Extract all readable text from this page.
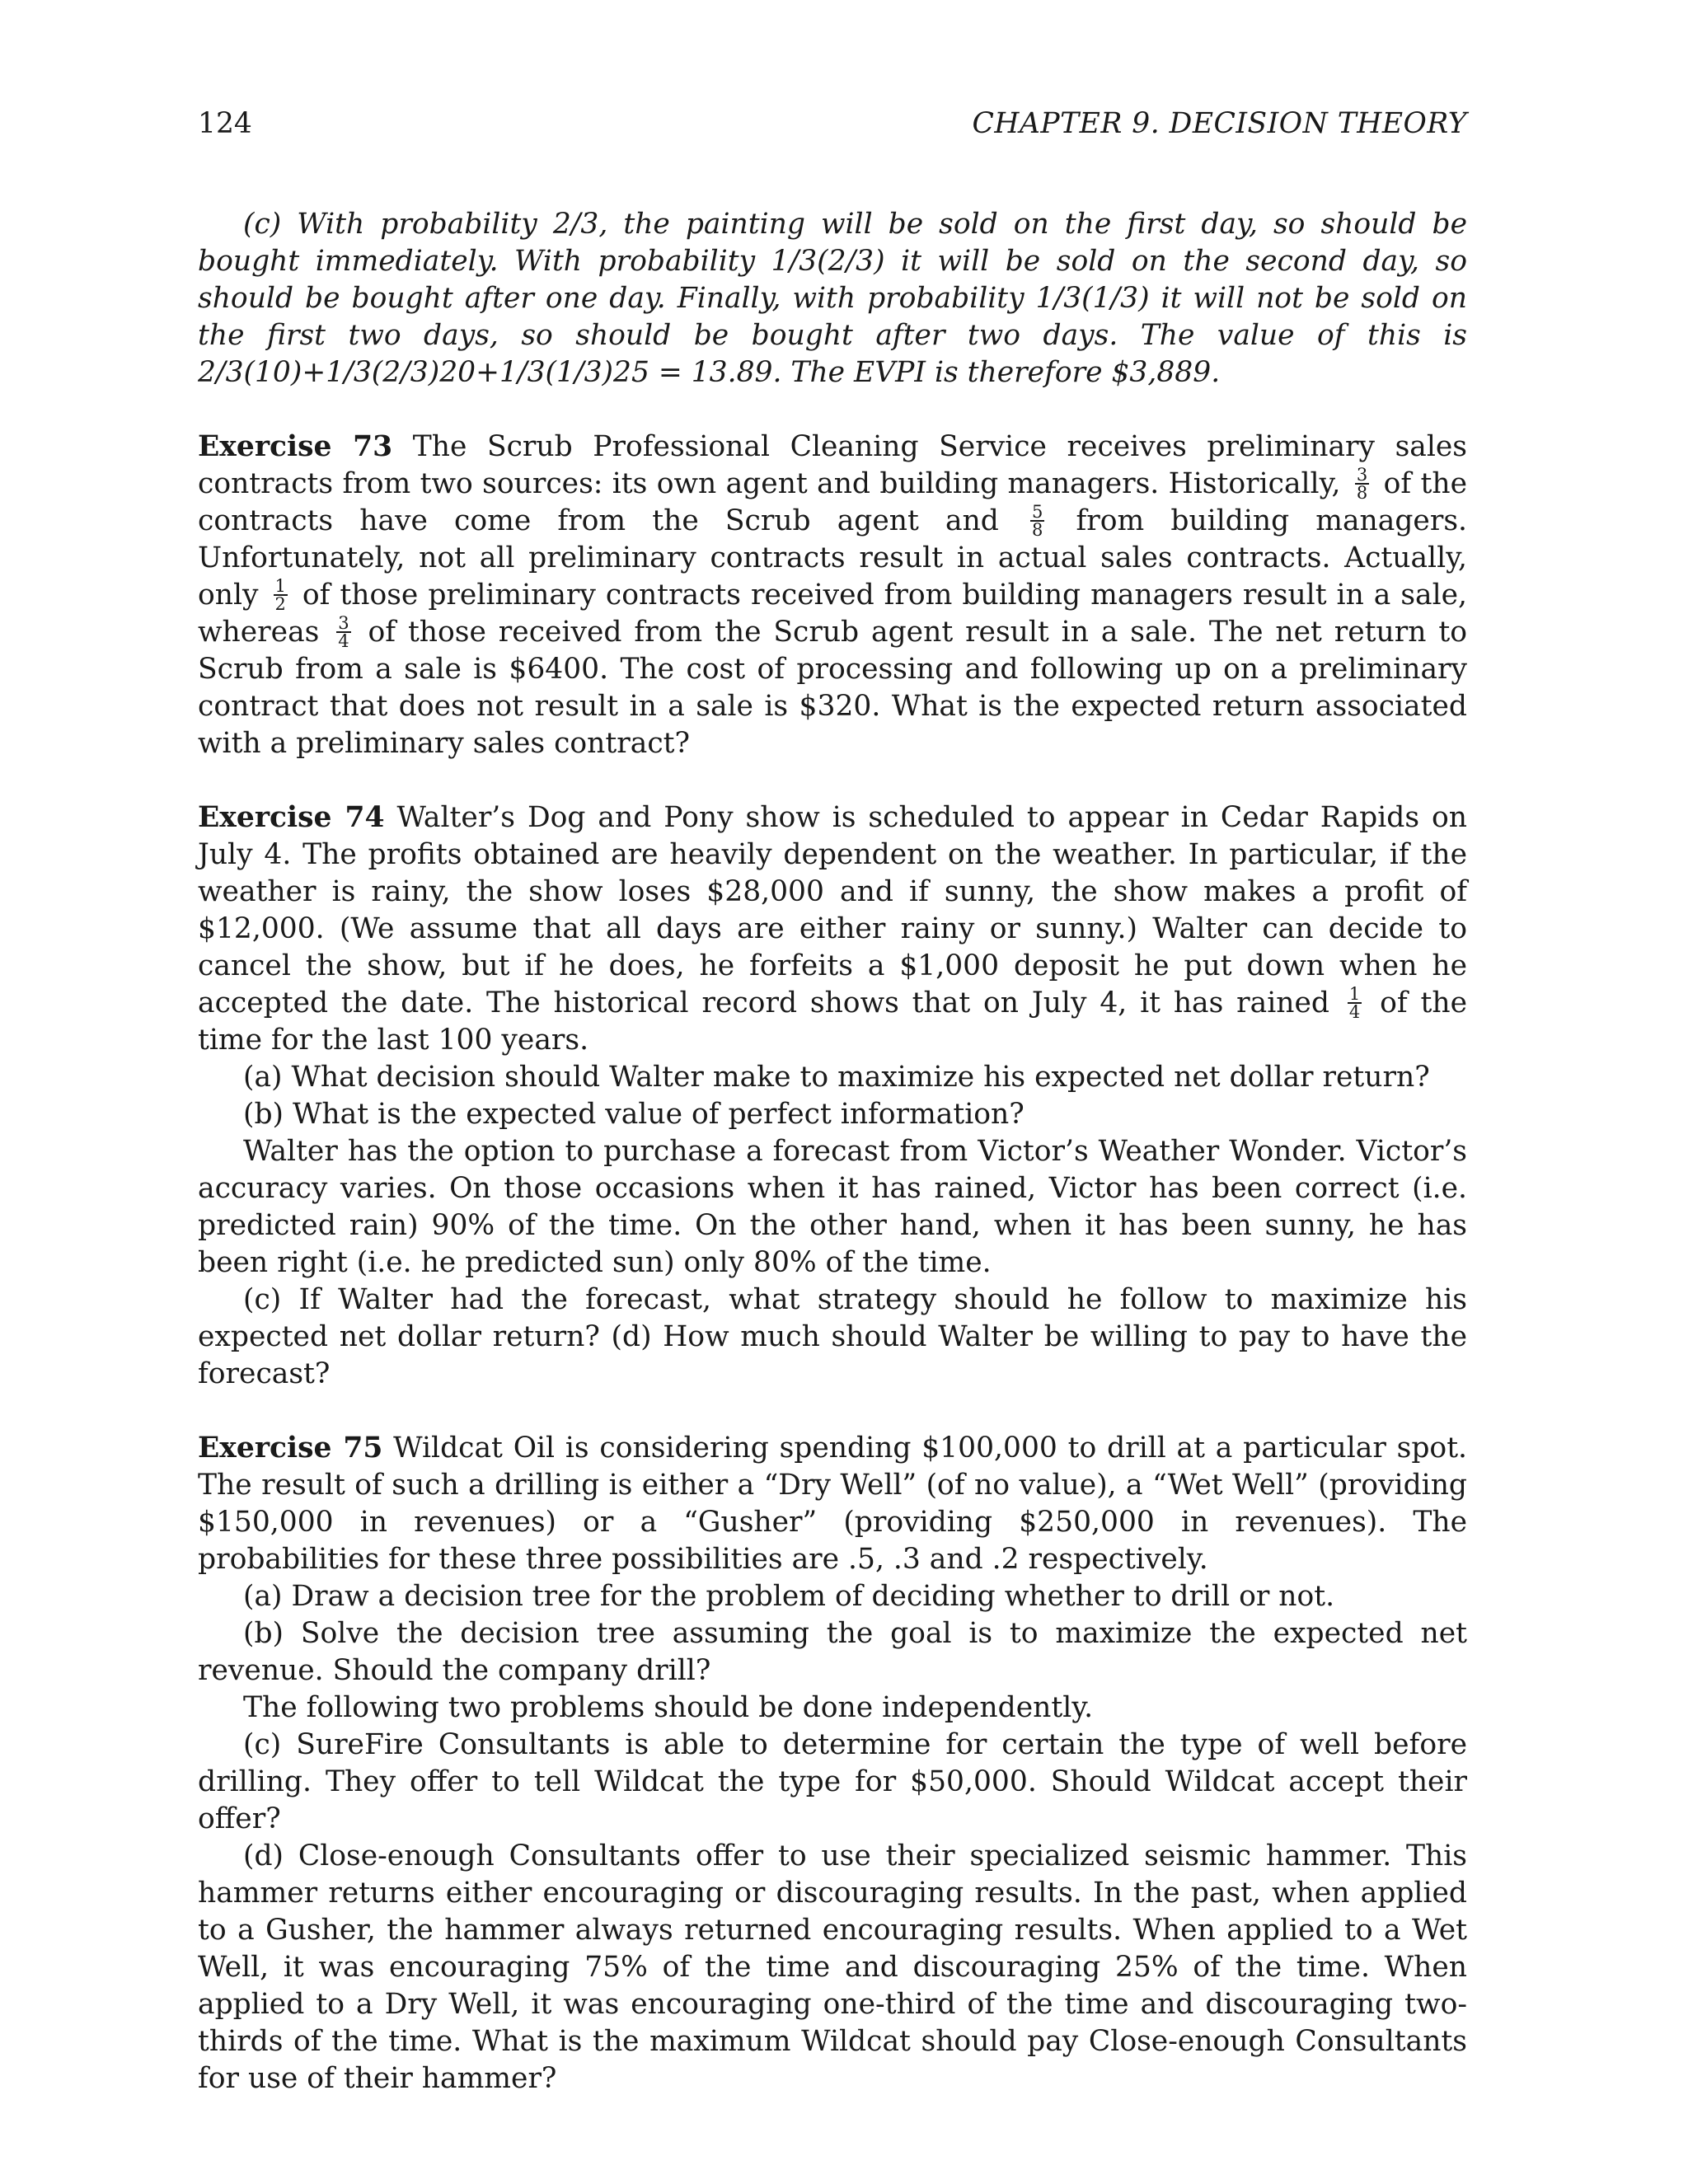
124	CHAPTER 9. DECISION THEORY

(c) With probability 2/3, the painting will be sold on the first day, so should be bought immediately. With probability 1/3(2/3) it will be sold on the second day, so should be bought after one day. Finally, with probability 1/3(1/3) it will not be sold on the first two days, so should be bought after two days. The value of this is 2/3(10)+1/3(2/3)20+1/3(1/3)25 = 13.89. The EVPI is therefore $3,889.

Exercise 73 The Scrub Professional Cleaning Service receives preliminary sales contracts from two sources: its own agent and building managers. Historically, $\frac{3}{8}$ of the contracts have come from the Scrub agent and $\frac{5}{8}$ from building managers. Unfortunately, not all preliminary contracts result in actual sales contracts. Actually, only $\frac{1}{2}$ of those preliminary contracts received from building managers result in a sale, whereas $\frac{3}{4}$ of those received from the Scrub agent result in a sale. The net return to Scrub from a sale is $6400. The cost of processing and following up on a preliminary contract that does not result in a sale is $320. What is the expected return associated with a preliminary sales contract?

Exercise 74 Walter’s Dog and Pony show is scheduled to appear in Cedar Rapids on July 4. The profits obtained are heavily dependent on the weather. In particular, if the weather is rainy, the show loses $28,000 and if sunny, the show makes a profit of $12,000. (We assume that all days are either rainy or sunny.) Walter can decide to cancel the show, but if he does, he forfeits a $1,000 deposit he put down when he accepted the date. The historical record shows that on July 4, it has rained $\frac{1}{4}$ of the time for the last 100 years.

(a) What decision should Walter make to maximize his expected net dollar return?

(b) What is the expected value of perfect information?

Walter has the option to purchase a forecast from Victor’s Weather Wonder. Victor’s accuracy varies. On those occasions when it has rained, Victor has been correct (i.e. predicted rain) 90% of the time. On the other hand, when it has been sunny, he has been right (i.e. he predicted sun) only 80% of the time.

(c) If Walter had the forecast, what strategy should he follow to maximize his expected net dollar return? (d) How much should Walter be willing to pay to have the forecast?

Exercise 75 Wildcat Oil is considering spending $100,000 to drill at a particular spot. The result of such a drilling is either a “Dry Well” (of no value), a “Wet Well” (providing $150,000 in revenues) or a “Gusher” (providing $250,000 in revenues). The probabilities for these three possibilities are .5, .3 and .2 respectively.

(a) Draw a decision tree for the problem of deciding whether to drill or not.

(b) Solve the decision tree assuming the goal is to maximize the expected net revenue. Should the company drill?

The following two problems should be done independently.

(c) SureFire Consultants is able to determine for certain the type of well before drilling. They offer to tell Wildcat the type for $50,000. Should Wildcat accept their offer?

(d) Close-enough Consultants offer to use their specialized seismic hammer. This hammer returns either encouraging or discouraging results. In the past, when applied to a Gusher, the hammer always returned encouraging results. When applied to a Wet Well, it was encouraging 75% of the time and discouraging 25% of the time. When applied to a Dry Well, it was encouraging one-third of the time and discouraging two-thirds of the time. What is the maximum Wildcat should pay Close-enough Consultants for use of their hammer?
